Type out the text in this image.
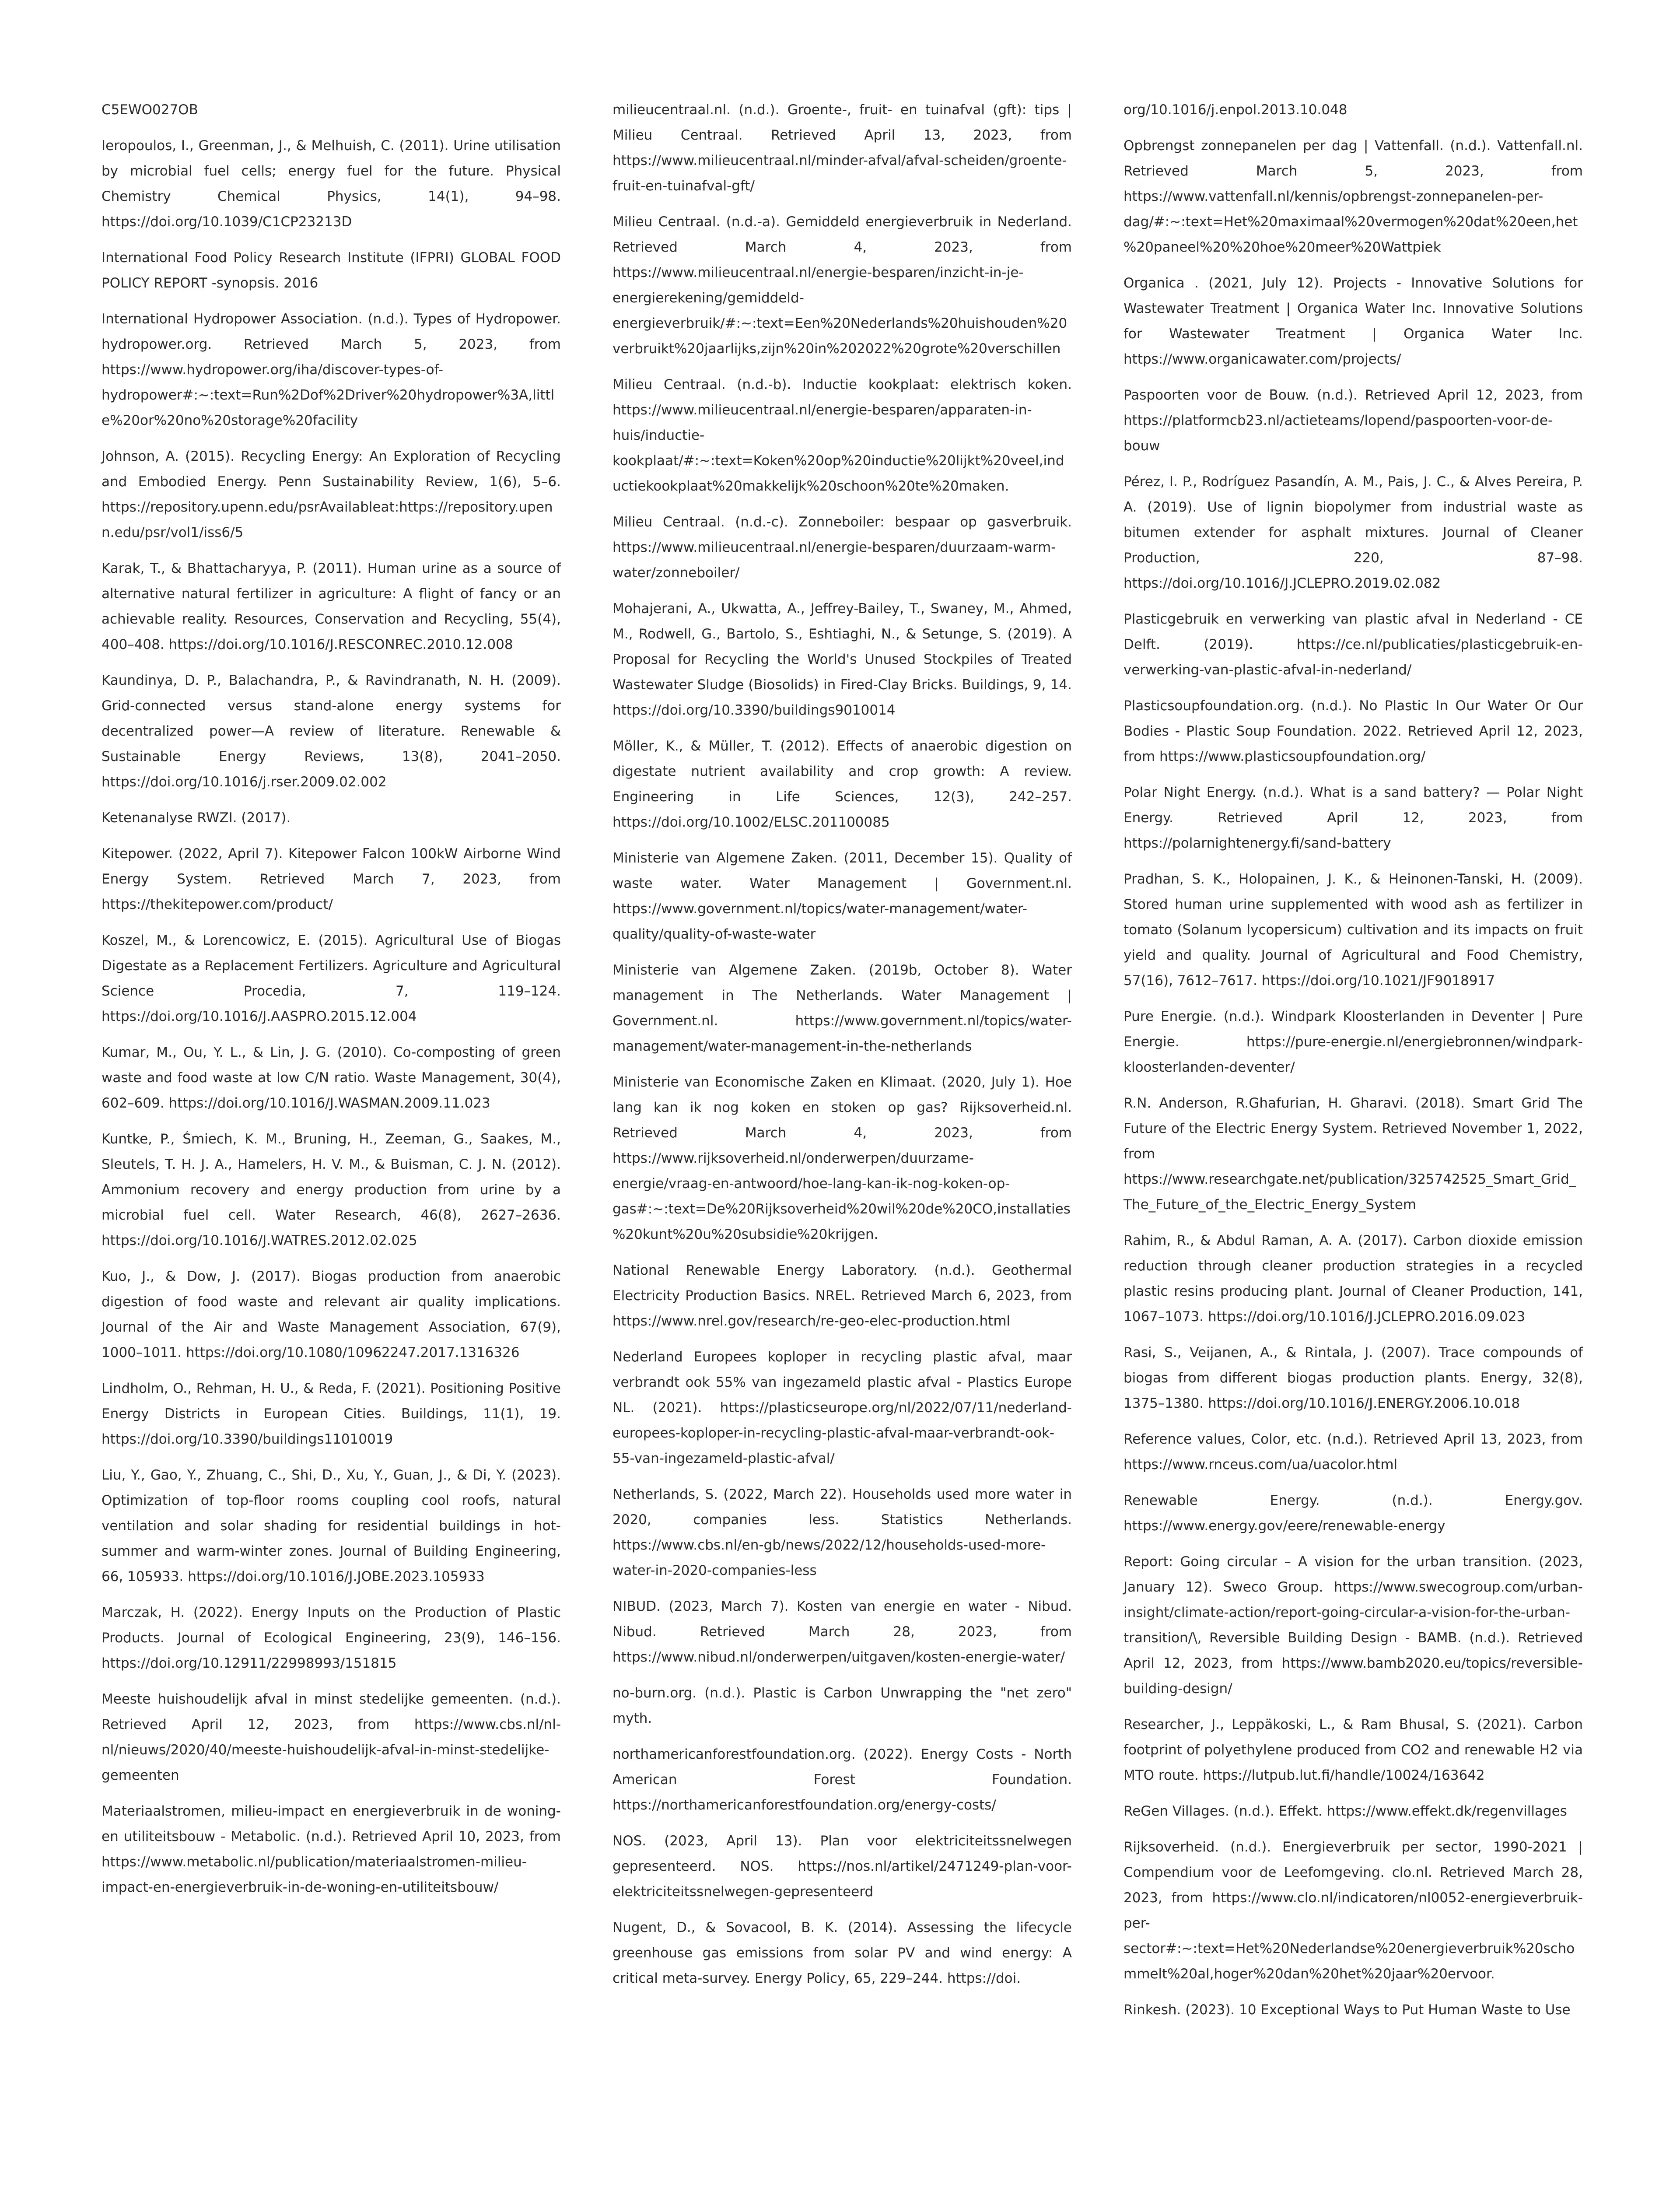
C5EWO027OB

Ieropoulos, I., Greenman, J., & Melhuish, C. (2011). Urine utilisation by microbial fuel cells; energy fuel for the future. Physical Chemistry Chemical Physics, 14(1), 94–98. https://doi.org/10.1039/C1CP23213D

International Food Policy Research Institute (IFPRI) GLOBAL FOOD POLICY REPORT -synopsis. 2016

International Hydropower Association. (n.d.). Types of Hydropower. hydropower.org. Retrieved March 5, 2023, from https://www.hydropower.org/iha/discover-types-of-hydropower#:~:text=Run%2Dof%2Driver%20hydropower%3A,little%20or%20no%20storage%20facility

Johnson, A. (2015). Recycling Energy: An Exploration of Recycling and Embodied Energy. Penn Sustainability Review, 1(6), 5–6. https://repository.upenn.edu/psrAvailableat:https://repository.upenn.edu/psr/vol1/iss6/5

Karak, T., & Bhattacharyya, P. (2011). Human urine as a source of alternative natural fertilizer in agriculture: A flight of fancy or an achievable reality. Resources, Conservation and Recycling, 55(4), 400–408. https://doi.org/10.1016/J.RESCONREC.2010.12.008

Kaundinya, D. P., Balachandra, P., & Ravindranath, N. H. (2009). Grid-connected versus stand-alone energy systems for decentralized power—A review of literature. Renewable & Sustainable Energy Reviews, 13(8), 2041–2050. https://doi.org/10.1016/j.rser.2009.02.002

Ketenanalyse RWZI. (2017).

Kitepower. (2022, April 7). Kitepower Falcon 100kW Airborne Wind Energy System. Retrieved March 7, 2023, from https://thekitepower.com/product/

Koszel, M., & Lorencowicz, E. (2015). Agricultural Use of Biogas Digestate as a Replacement Fertilizers. Agriculture and Agricultural Science Procedia, 7, 119–124. https://doi.org/10.1016/J.AASPRO.2015.12.004

Kumar, M., Ou, Y. L., & Lin, J. G. (2010). Co-composting of green waste and food waste at low C/N ratio. Waste Management, 30(4), 602–609. https://doi.org/10.1016/J.WASMAN.2009.11.023

Kuntke, P., Śmiech, K. M., Bruning, H., Zeeman, G., Saakes, M., Sleutels, T. H. J. A., Hamelers, H. V. M., & Buisman, C. J. N. (2012). Ammonium recovery and energy production from urine by a microbial fuel cell. Water Research, 46(8), 2627–2636. https://doi.org/10.1016/J.WATRES.2012.02.025

Kuo, J., & Dow, J. (2017). Biogas production from anaerobic digestion of food waste and relevant air quality implications. Journal of the Air and Waste Management Association, 67(9), 1000–1011. https://doi.org/10.1080/10962247.2017.1316326

Lindholm, O., Rehman, H. U., & Reda, F. (2021). Positioning Positive Energy Districts in European Cities. Buildings, 11(1), 19. https://doi.org/10.3390/buildings11010019

Liu, Y., Gao, Y., Zhuang, C., Shi, D., Xu, Y., Guan, J., & Di, Y. (2023). Optimization of top-floor rooms coupling cool roofs, natural ventilation and solar shading for residential buildings in hot-summer and warm-winter zones. Journal of Building Engineering, 66, 105933. https://doi.org/10.1016/J.JOBE.2023.105933

Marczak, H. (2022). Energy Inputs on the Production of Plastic Products. Journal of Ecological Engineering, 23(9), 146–156. https://doi.org/10.12911/22998993/151815

Meeste huishoudelijk afval in minst stedelijke gemeenten. (n.d.). Retrieved April 12, 2023, from https://www.cbs.nl/nl-nl/nieuws/2020/40/meeste-huishoudelijk-afval-in-minst-stedelijke-gemeenten

Materiaalstromen, milieu-impact en energieverbruik in de woning- en utiliteitsbouw - Metabolic. (n.d.). Retrieved April 10, 2023, from https://www.metabolic.nl/publication/materiaalstromen-milieu-impact-en-energieverbruik-in-de-woning-en-utiliteitsbouw/

milieucentraal.nl. (n.d.). Groente-, fruit- en tuinafval (gft): tips | Milieu Centraal. Retrieved April 13, 2023, from https://www.milieucentraal.nl/minder-afval/afval-scheiden/groente-fruit-en-tuinafval-gft/

Milieu Centraal. (n.d.-a). Gemiddeld energieverbruik in Nederland. Retrieved March 4, 2023, from https://www.milieucentraal.nl/energie-besparen/inzicht-in-je-energierekening/gemiddeld-energieverbruik/#:~:text=Een%20Nederlands%20huishouden%20verbruikt%20jaarlijks,zijn%20in%202022%20grote%20verschillen

Milieu Centraal. (n.d.-b). Inductie kookplaat: elektrisch koken. https://www.milieucentraal.nl/energie-besparen/apparaten-in-huis/inductie-kookplaat/#:~:text=Koken%20op%20inductie%20lijkt%20veel,inductiekookplaat%20makkelijk%20schoon%20te%20maken.

Milieu Centraal. (n.d.-c). Zonneboiler: bespaar op gasverbruik. https://www.milieucentraal.nl/energie-besparen/duurzaam-warm-water/zonneboiler/

Mohajerani, A., Ukwatta, A., Jeffrey-Bailey, T., Swaney, M., Ahmed, M., Rodwell, G., Bartolo, S., Eshtiaghi, N., & Setunge, S. (2019). A Proposal for Recycling the World's Unused Stockpiles of Treated Wastewater Sludge (Biosolids) in Fired-Clay Bricks. Buildings, 9, 14. https://doi.org/10.3390/buildings9010014

Möller, K., & Müller, T. (2012). Effects of anaerobic digestion on digestate nutrient availability and crop growth: A review. Engineering in Life Sciences, 12(3), 242–257. https://doi.org/10.1002/ELSC.201100085

Ministerie van Algemene Zaken. (2011, December 15). Quality of waste water. Water Management | Government.nl. https://www.government.nl/topics/water-management/water-quality/quality-of-waste-water

Ministerie van Algemene Zaken. (2019b, October 8). Water management in The Netherlands. Water Management | Government.nl. https://www.government.nl/topics/water-management/water-management-in-the-netherlands

Ministerie van Economische Zaken en Klimaat. (2020, July 1). Hoe lang kan ik nog koken en stoken op gas? Rijksoverheid.nl. Retrieved March 4, 2023, from https://www.rijksoverheid.nl/onderwerpen/duurzame-energie/vraag-en-antwoord/hoe-lang-kan-ik-nog-koken-op-gas#:~:text=De%20Rijksoverheid%20wil%20de%20CO,installaties%20kunt%20u%20subsidie%20krijgen.

National Renewable Energy Laboratory. (n.d.). Geothermal Electricity Production Basics. NREL. Retrieved March 6, 2023, from https://www.nrel.gov/research/re-geo-elec-production.html

Nederland Europees koploper in recycling plastic afval, maar verbrandt ook 55% van ingezameld plastic afval - Plastics Europe NL. (2021). https://plasticseurope.org/nl/2022/07/11/nederland-europees-koploper-in-recycling-plastic-afval-maar-verbrandt-ook-55-van-ingezameld-plastic-afval/

Netherlands, S. (2022, March 22). Households used more water in 2020, companies less. Statistics Netherlands. https://www.cbs.nl/en-gb/news/2022/12/households-used-more-water-in-2020-companies-less

NIBUD. (2023, March 7). Kosten van energie en water - Nibud. Nibud. Retrieved March 28, 2023, from https://www.nibud.nl/onderwerpen/uitgaven/kosten-energie-water/

no-burn.org. (n.d.). Plastic is Carbon Unwrapping the "net zero" myth.

northamericanforestfoundation.org. (2022). Energy Costs - North American Forest Foundation. https://northamericanforestfoundation.org/energy-costs/

NOS. (2023, April 13). Plan voor elektriciteitssnelwegen gepresenteerd. NOS. https://nos.nl/artikel/2471249-plan-voor-elektriciteitssnelwegen-gepresenteerd

Nugent, D., & Sovacool, B. K. (2014). Assessing the lifecycle greenhouse gas emissions from solar PV and wind energy: A critical meta-survey. Energy Policy, 65, 229–244. https://doi.

org/10.1016/j.enpol.2013.10.048

Opbrengst zonnepanelen per dag | Vattenfall. (n.d.). Vattenfall.nl. Retrieved March 5, 2023, from https://www.vattenfall.nl/kennis/opbrengst-zonnepanelen-per-dag/#:~:text=Het%20maximaal%20vermogen%20dat%20een,het%20paneel%20%20hoe%20meer%20Wattpiek

Organica . (2021, July 12). Projects - Innovative Solutions for Wastewater Treatment | Organica Water Inc. Innovative Solutions for Wastewater Treatment | Organica Water Inc. https://www.organicawater.com/projects/

Paspoorten voor de Bouw. (n.d.). Retrieved April 12, 2023, from https://platformcb23.nl/actieteams/lopend/paspoorten-voor-de-bouw

Pérez, I. P., Rodríguez Pasandín, A. M., Pais, J. C., & Alves Pereira, P. A. (2019). Use of lignin biopolymer from industrial waste as bitumen extender for asphalt mixtures. Journal of Cleaner Production, 220, 87–98. https://doi.org/10.1016/J.JCLEPRO.2019.02.082

Plasticgebruik en verwerking van plastic afval in Nederland - CE Delft. (2019). https://ce.nl/publicaties/plasticgebruik-en-verwerking-van-plastic-afval-in-nederland/

Plasticsoupfoundation.org. (n.d.). No Plastic In Our Water Or Our Bodies - Plastic Soup Foundation. 2022. Retrieved April 12, 2023, from https://www.plasticsoupfoundation.org/

Polar Night Energy. (n.d.). What is a sand battery? — Polar Night Energy. Retrieved April 12, 2023, from https://polarnightenergy.fi/sand-battery

Pradhan, S. K., Holopainen, J. K., & Heinonen-Tanski, H. (2009). Stored human urine supplemented with wood ash as fertilizer in tomato (Solanum lycopersicum) cultivation and its impacts on fruit yield and quality. Journal of Agricultural and Food Chemistry, 57(16), 7612–7617. https://doi.org/10.1021/JF9018917

Pure Energie. (n.d.). Windpark Kloosterlanden in Deventer | Pure Energie. https://pure-energie.nl/energiebronnen/windpark-kloosterlanden-deventer/

R.N. Anderson, R.Ghafurian, H. Gharavi. (2018). Smart Grid The Future of the Electric Energy System. Retrieved November 1, 2022, from https://www.researchgate.net/publication/325742525_Smart_Grid_The_Future_of_the_Electric_Energy_System

Rahim, R., & Abdul Raman, A. A. (2017). Carbon dioxide emission reduction through cleaner production strategies in a recycled plastic resins producing plant. Journal of Cleaner Production, 141, 1067–1073. https://doi.org/10.1016/J.JCLEPRO.2016.09.023

Rasi, S., Veijanen, A., & Rintala, J. (2007). Trace compounds of biogas from different biogas production plants. Energy, 32(8), 1375–1380. https://doi.org/10.1016/J.ENERGY.2006.10.018

Reference values, Color, etc. (n.d.). Retrieved April 13, 2023, from https://www.rnceus.com/ua/uacolor.html

Renewable Energy. (n.d.). Energy.gov. https://www.energy.gov/eere/renewable-energy

Report: Going circular – A vision for the urban transition. (2023, January 12). Sweco Group. https://www.swecogroup.com/urban-insight/climate-action/report-going-circular-a-vision-for-the-urban-transition/\, Reversible Building Design - BAMB. (n.d.). Retrieved April 12, 2023, from https://www.bamb2020.eu/topics/reversible-building-design/

Researcher, J., Leppäkoski, L., & Ram Bhusal, S. (2021). Carbon footprint of polyethylene produced from CO2 and renewable H2 via MTO route. https://lutpub.lut.fi/handle/10024/163642

ReGen Villages. (n.d.). Effekt. https://www.effekt.dk/regenvillages

Rijksoverheid. (n.d.). Energieverbruik per sector, 1990-2021 | Compendium voor de Leefomgeving. clo.nl. Retrieved March 28, 2023, from https://www.clo.nl/indicatoren/nl0052-energieverbruik-per-sector#:~:text=Het%20Nederlandse%20energieverbruik%20schommelt%20al,hoger%20dan%20het%20jaar%20ervoor.

Rinkesh. (2023). 10 Exceptional Ways to Put Human Waste to Use
